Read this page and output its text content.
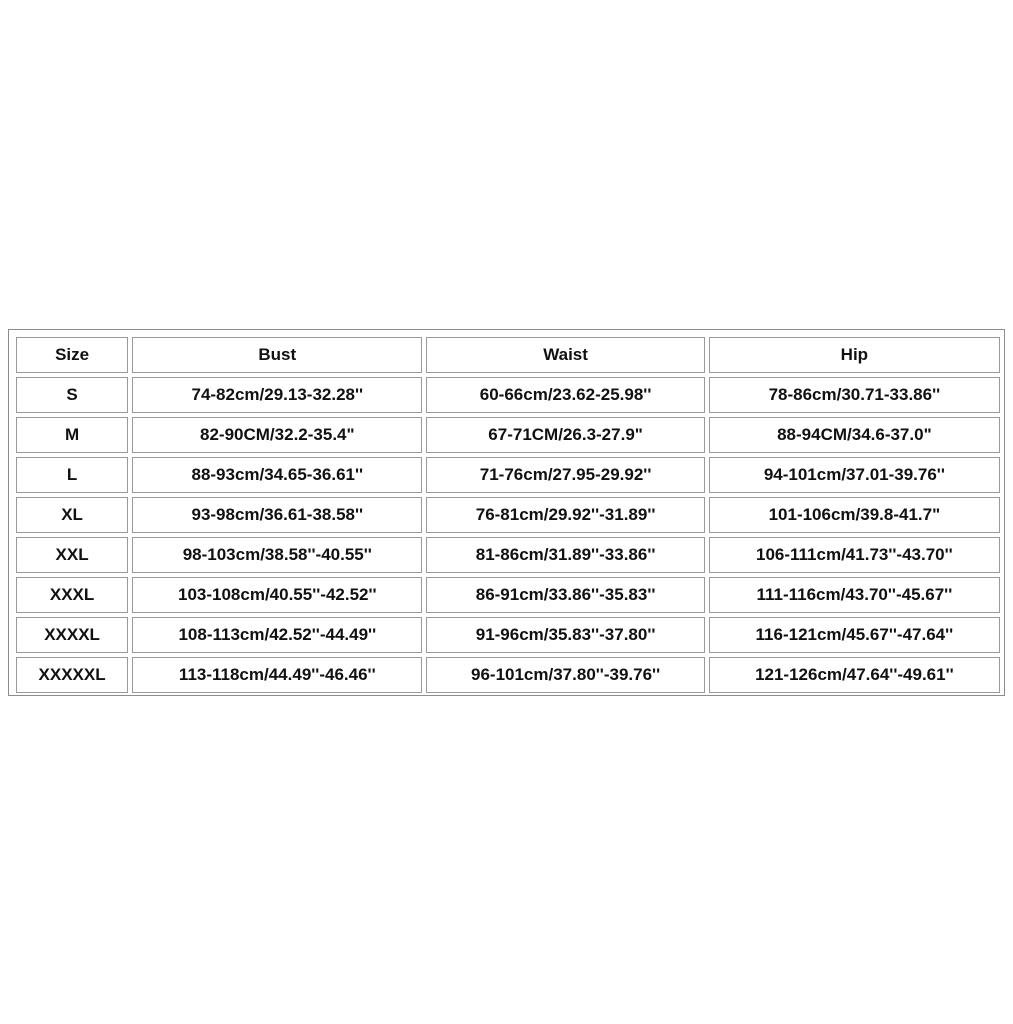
Size	Bust	Waist	Hip
S	74-82cm/29.13-32.28''	60-66cm/23.62-25.98''	78-86cm/30.71-33.86''
M	82-90CM/32.2-35.4"	67-71CM/26.3-27.9"	88-94CM/34.6-37.0"
L	88-93cm/34.65-36.61''	71-76cm/27.95-29.92''	94-101cm/37.01-39.76''
XL	93-98cm/36.61-38.58''	76-81cm/29.92''-31.89''	101-106cm/39.8-41.7"
XXL	98-103cm/38.58''-40.55''	81-86cm/31.89''-33.86''	106-111cm/41.73''-43.70''
XXXL	103-108cm/40.55''-42.52''	86-91cm/33.86''-35.83''	111-116cm/43.70''-45.67''
XXXXL	108-113cm/42.52''-44.49''	91-96cm/35.83''-37.80''	116-121cm/45.67''-47.64''
XXXXXL	113-118cm/44.49''-46.46''	96-101cm/37.80''-39.76''	121-126cm/47.64''-49.61''
